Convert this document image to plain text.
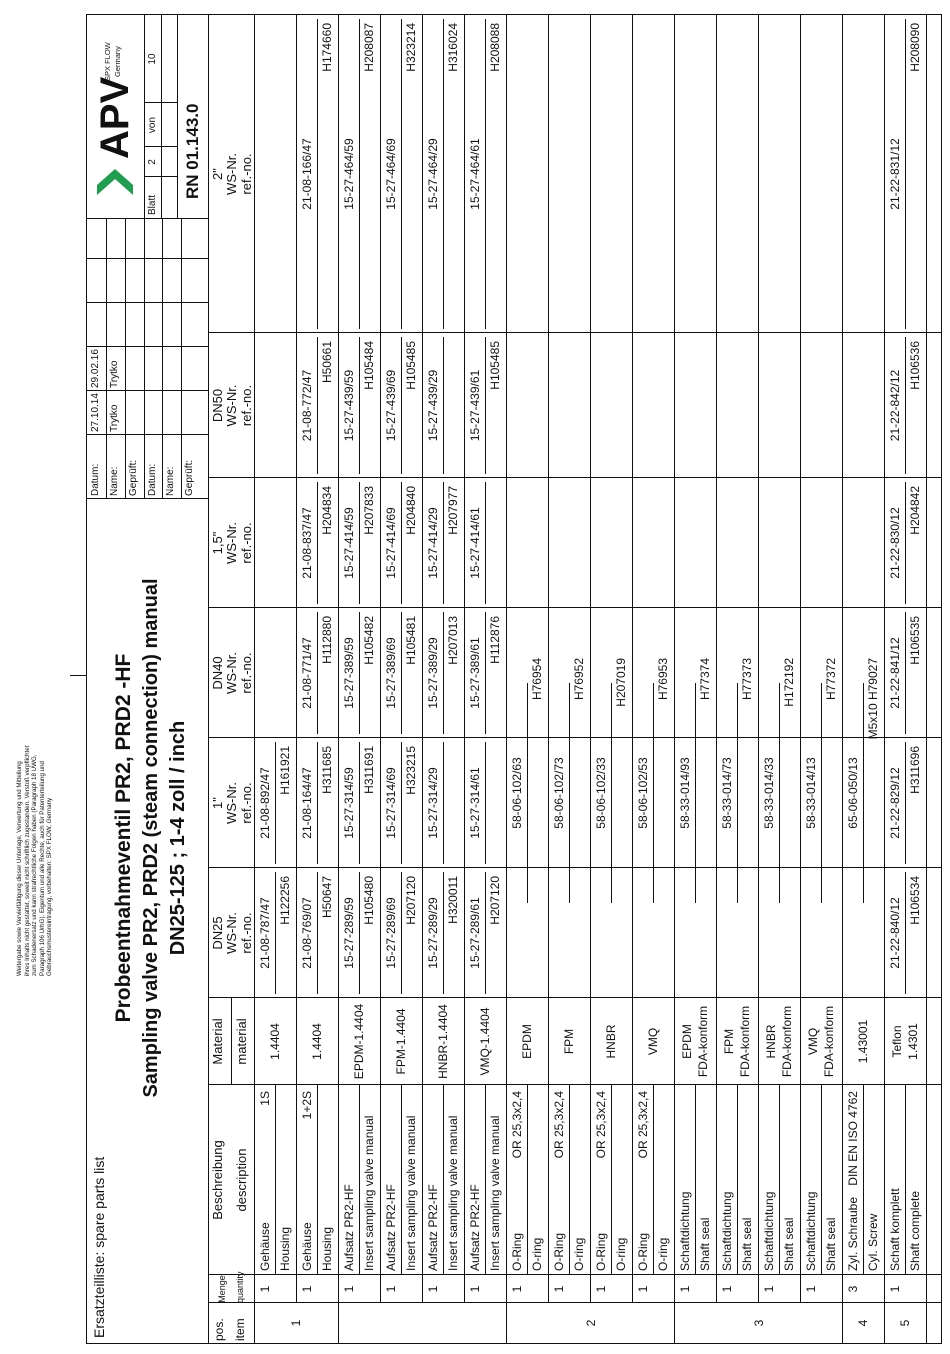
Weitergabe sowie Vervielfältigung dieser Unterlage, Verwertung und Mitteilung ihres Inhalts nicht gestattet, soweit nicht schriftlich zugestanden. Verstoß verpflichtet zum Schadenersatz und kann strafrechtliche Folgen haben (Paragraph 18 UWG, Paragraph 106 UrhG). Eigentum und alle Rechte, auch für Patenterteilung und Gebrauchsmustereintragung, vorbehalten: SPX FLOW, Germany
Ersatzteilliste: spare parts list
Probeentnahmeventil PR2, PRD2 -HF Sampling valve PR2, PRD2 (steam connection) manual DN25-125 ; 1-4 zoll / inch
Datum: Name: Geprüft:
27.10.14 Trytko
29.02.16 Trytko
Datum: Name: Geprüft:
APV
SPX FLOW Germany
Blatt
2
von
10
RN 01.143.0
pos. item
Menge quantity
Beschreibung description
Material material
DN25 WS-Nr. ref.-no.
1" WS-Nr. ref.-no.
DN40 WS-Nr. ref.-no.
1,5" WS-Nr. ref.-no.
DN50 WS-Nr. ref.-no.
2" WS-Nr. ref.-no.
1
Gehäuse
1S
Housing
1.4404
21-08-787/47 H122256
21-08-892/47 H161921
1
1
Gehäuse
1+2S
Housing
1.4404
21-08-769/07
H50647
21-08-164/47 H311685
21-08-771/47 H112880
21-08-837/47 H204834
21-08-772/47
H50661
21-08-166/47
H174660
1
Aufsatz PR2-HF Insert sampling valve manual
EPDM-1.4404
15-27-289/59 H105480
15-27-314/59 H311691
15-27-389/59 H105482
15-27-414/59 H207833
15-27-439/59
H105484
15-27-464/59
H208087
1
Aufsatz PR2-HF Insert sampling valve manual
FPM-1.4404
15-27-289/69 H207120
15-27-314/69 H323215
15-27-389/69 H105481
15-27-414/69 H204840
15-27-439/69
H105485
15-27-464/69
H323214
1
Aufsatz PR2-HF Insert sampling valve manual
HNBR-1.4404
15-27-289/29 H320011
15-27-314/29
15-27-389/29 H207013
15-27-414/29 H207977
15-27-439/29
15-27-464/29
H316024
1
Aufsatz PR2-HF Insert sampling valve manual
VMQ-1.4404
15-27-289/61 H207120
15-27-314/61
15-27-389/61 H112876
15-27-414/61
15-27-439/61
H105485
15-27-464/61
H208088
1
O-Ring
OR 25,3x2,4
O-ring
EPDM
58-06-102/63
H76954
2
1
O-Ring
OR 25,3x2,4
O-ring
FPM
58-06-102/73
H76952
1
O-Ring
OR 25,3x2,4
O-ring
HNBR
58-06-102/33
H207019
1
O-Ring
OR 25,3x2,4
O-ring
VMQ
58-06-102/53
H76953
1
Schaftdichtung Shaft seal
EPDM FDA-konform
58-33-014/93
H77374
3
1
Schaftdichtung Shaft seal
FPM FDA-konform
58-33-014/73
H77373
1
Schaftdichtung Shaft seal
HNBR FDA-konform
58-33-014/33
H172192
1
Schaftdichtung Shaft seal
VMQ FDA-konform
58-33-014/13
H77372
4
3
Zyl. Schraube
DIN EN ISO 4762
Cyl. Screw
1.43001
65-06-050/13
M5x10 H79027
5
1
Schaft komplett Shaft complete
Teflon 1.4301
21-22-840/12 H106534
21-22-829/12 H311696
21-22-841/12 H106535
21-22-830/12 H204842
21-22-842/12
H106536
21-22-831/12
H208090
